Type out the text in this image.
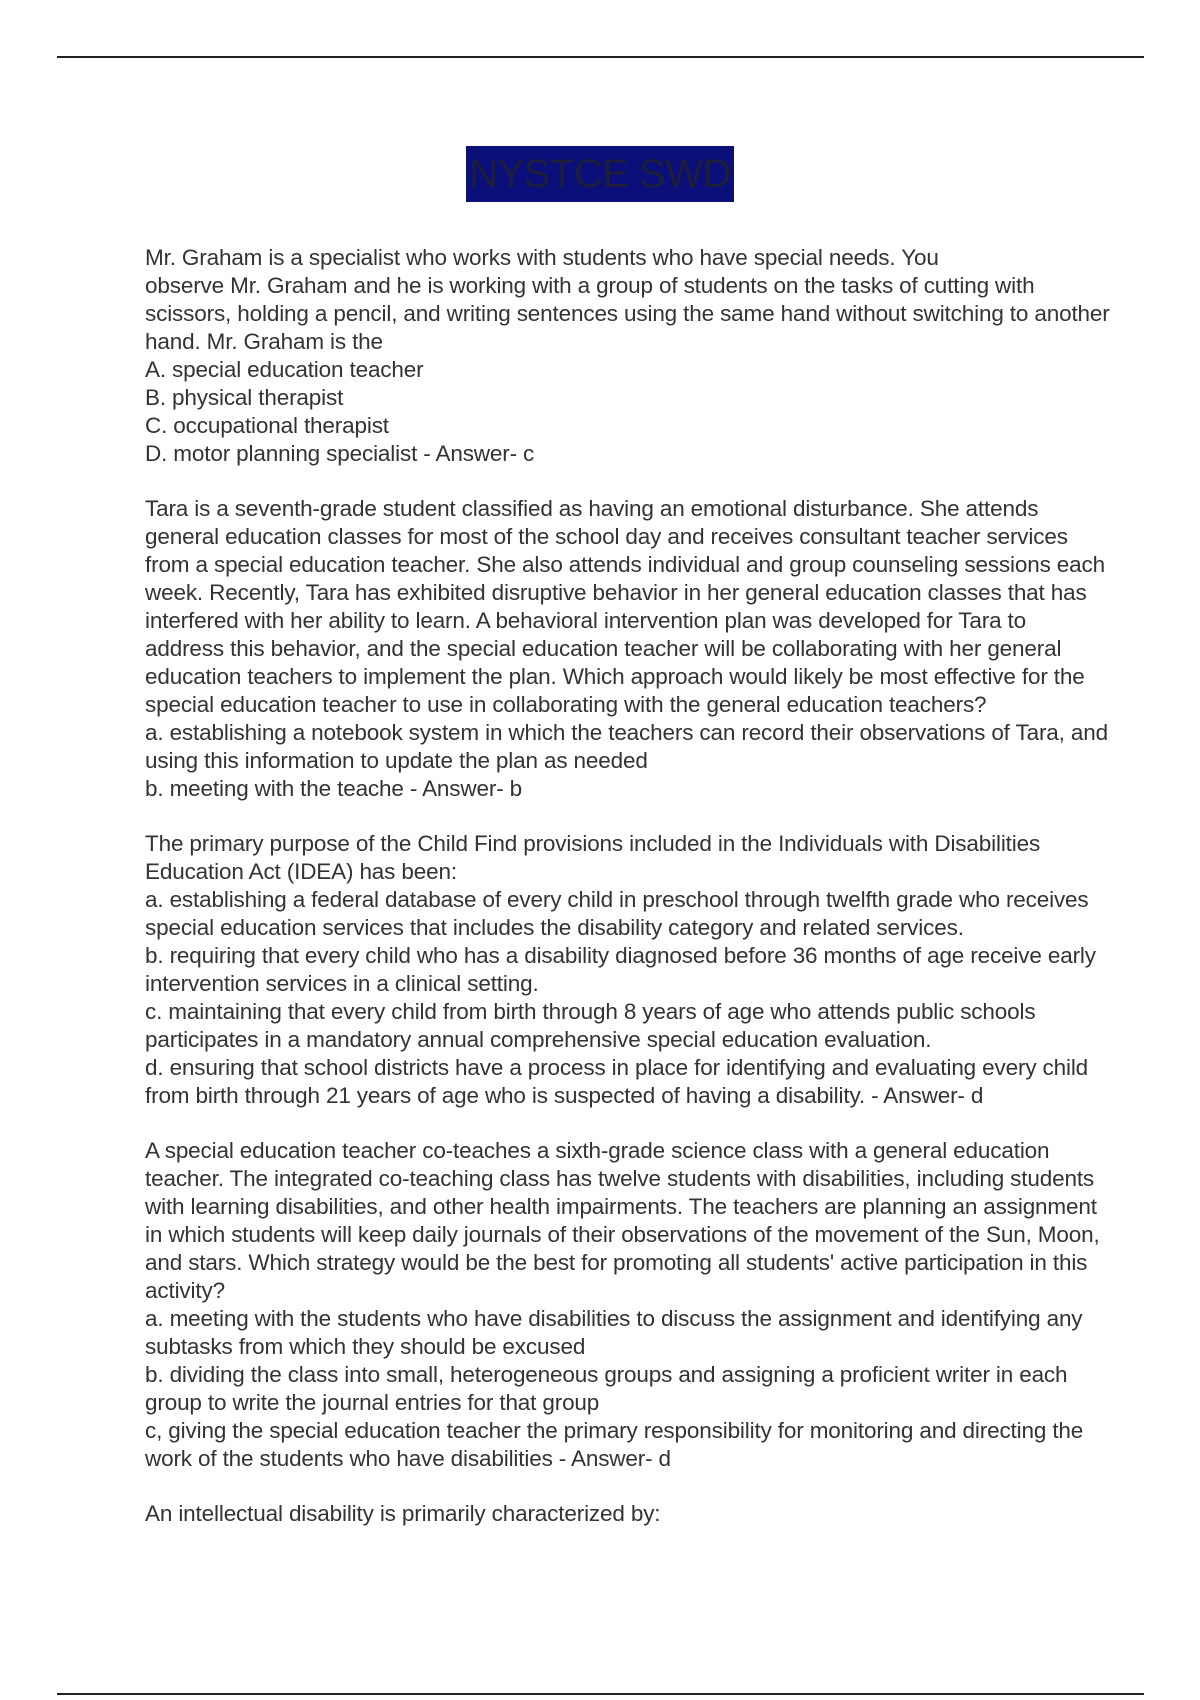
NYSTCE SWD
Mr. Graham is a specialist who works with students who have special needs. You
observe Mr. Graham and he is working with a group of students on the tasks of cutting with
scissors, holding a pencil, and writing sentences using the same hand without switching to another
hand. Mr. Graham is the
A. special education teacher
B. physical therapist
C. occupational therapist
D. motor planning specialist - Answer- c
Tara is a seventh-grade student classified as having an emotional disturbance. She attends
general education classes for most of the school day and receives consultant teacher services
from a special education teacher. She also attends individual and group counseling sessions each
week. Recently, Tara has exhibited disruptive behavior in her general education classes that has
interfered with her ability to learn. A behavioral intervention plan was developed for Tara to
address this behavior, and the special education teacher will be collaborating with her general
education teachers to implement the plan. Which approach would likely be most effective for the
special education teacher to use in collaborating with the general education teachers?
a. establishing a notebook system in which the teachers can record their observations of Tara, and
using this information to update the plan as needed
b. meeting with the teache - Answer- b
The primary purpose of the Child Find provisions included in the Individuals with Disabilities
Education Act (IDEA) has been:
a. establishing a federal database of every child in preschool through twelfth grade who receives
special education services that includes the disability category and related services.
b. requiring that every child who has a disability diagnosed before 36 months of age receive early
intervention services in a clinical setting.
c. maintaining that every child from birth through 8 years of age who attends public schools
participates in a mandatory annual comprehensive special education evaluation.
d. ensuring that school districts have a process in place for identifying and evaluating every child
from birth through 21 years of age who is suspected of having a disability. - Answer- d
A special education teacher co-teaches a sixth-grade science class with a general education
teacher. The integrated co-teaching class has twelve students with disabilities, including students
with learning disabilities, and other health impairments. The teachers are planning an assignment
in which students will keep daily journals of their observations of the movement of the Sun, Moon,
and stars. Which strategy would be the best for promoting all students' active participation in this
activity?
a. meeting with the students who have disabilities to discuss the assignment and identifying any
subtasks from which they should be excused
b. dividing the class into small, heterogeneous groups and assigning a proficient writer in each
group to write the journal entries for that group
c, giving the special education teacher the primary responsibility for monitoring and directing the
work of the students who have disabilities - Answer- d
An intellectual disability is primarily characterized by:
